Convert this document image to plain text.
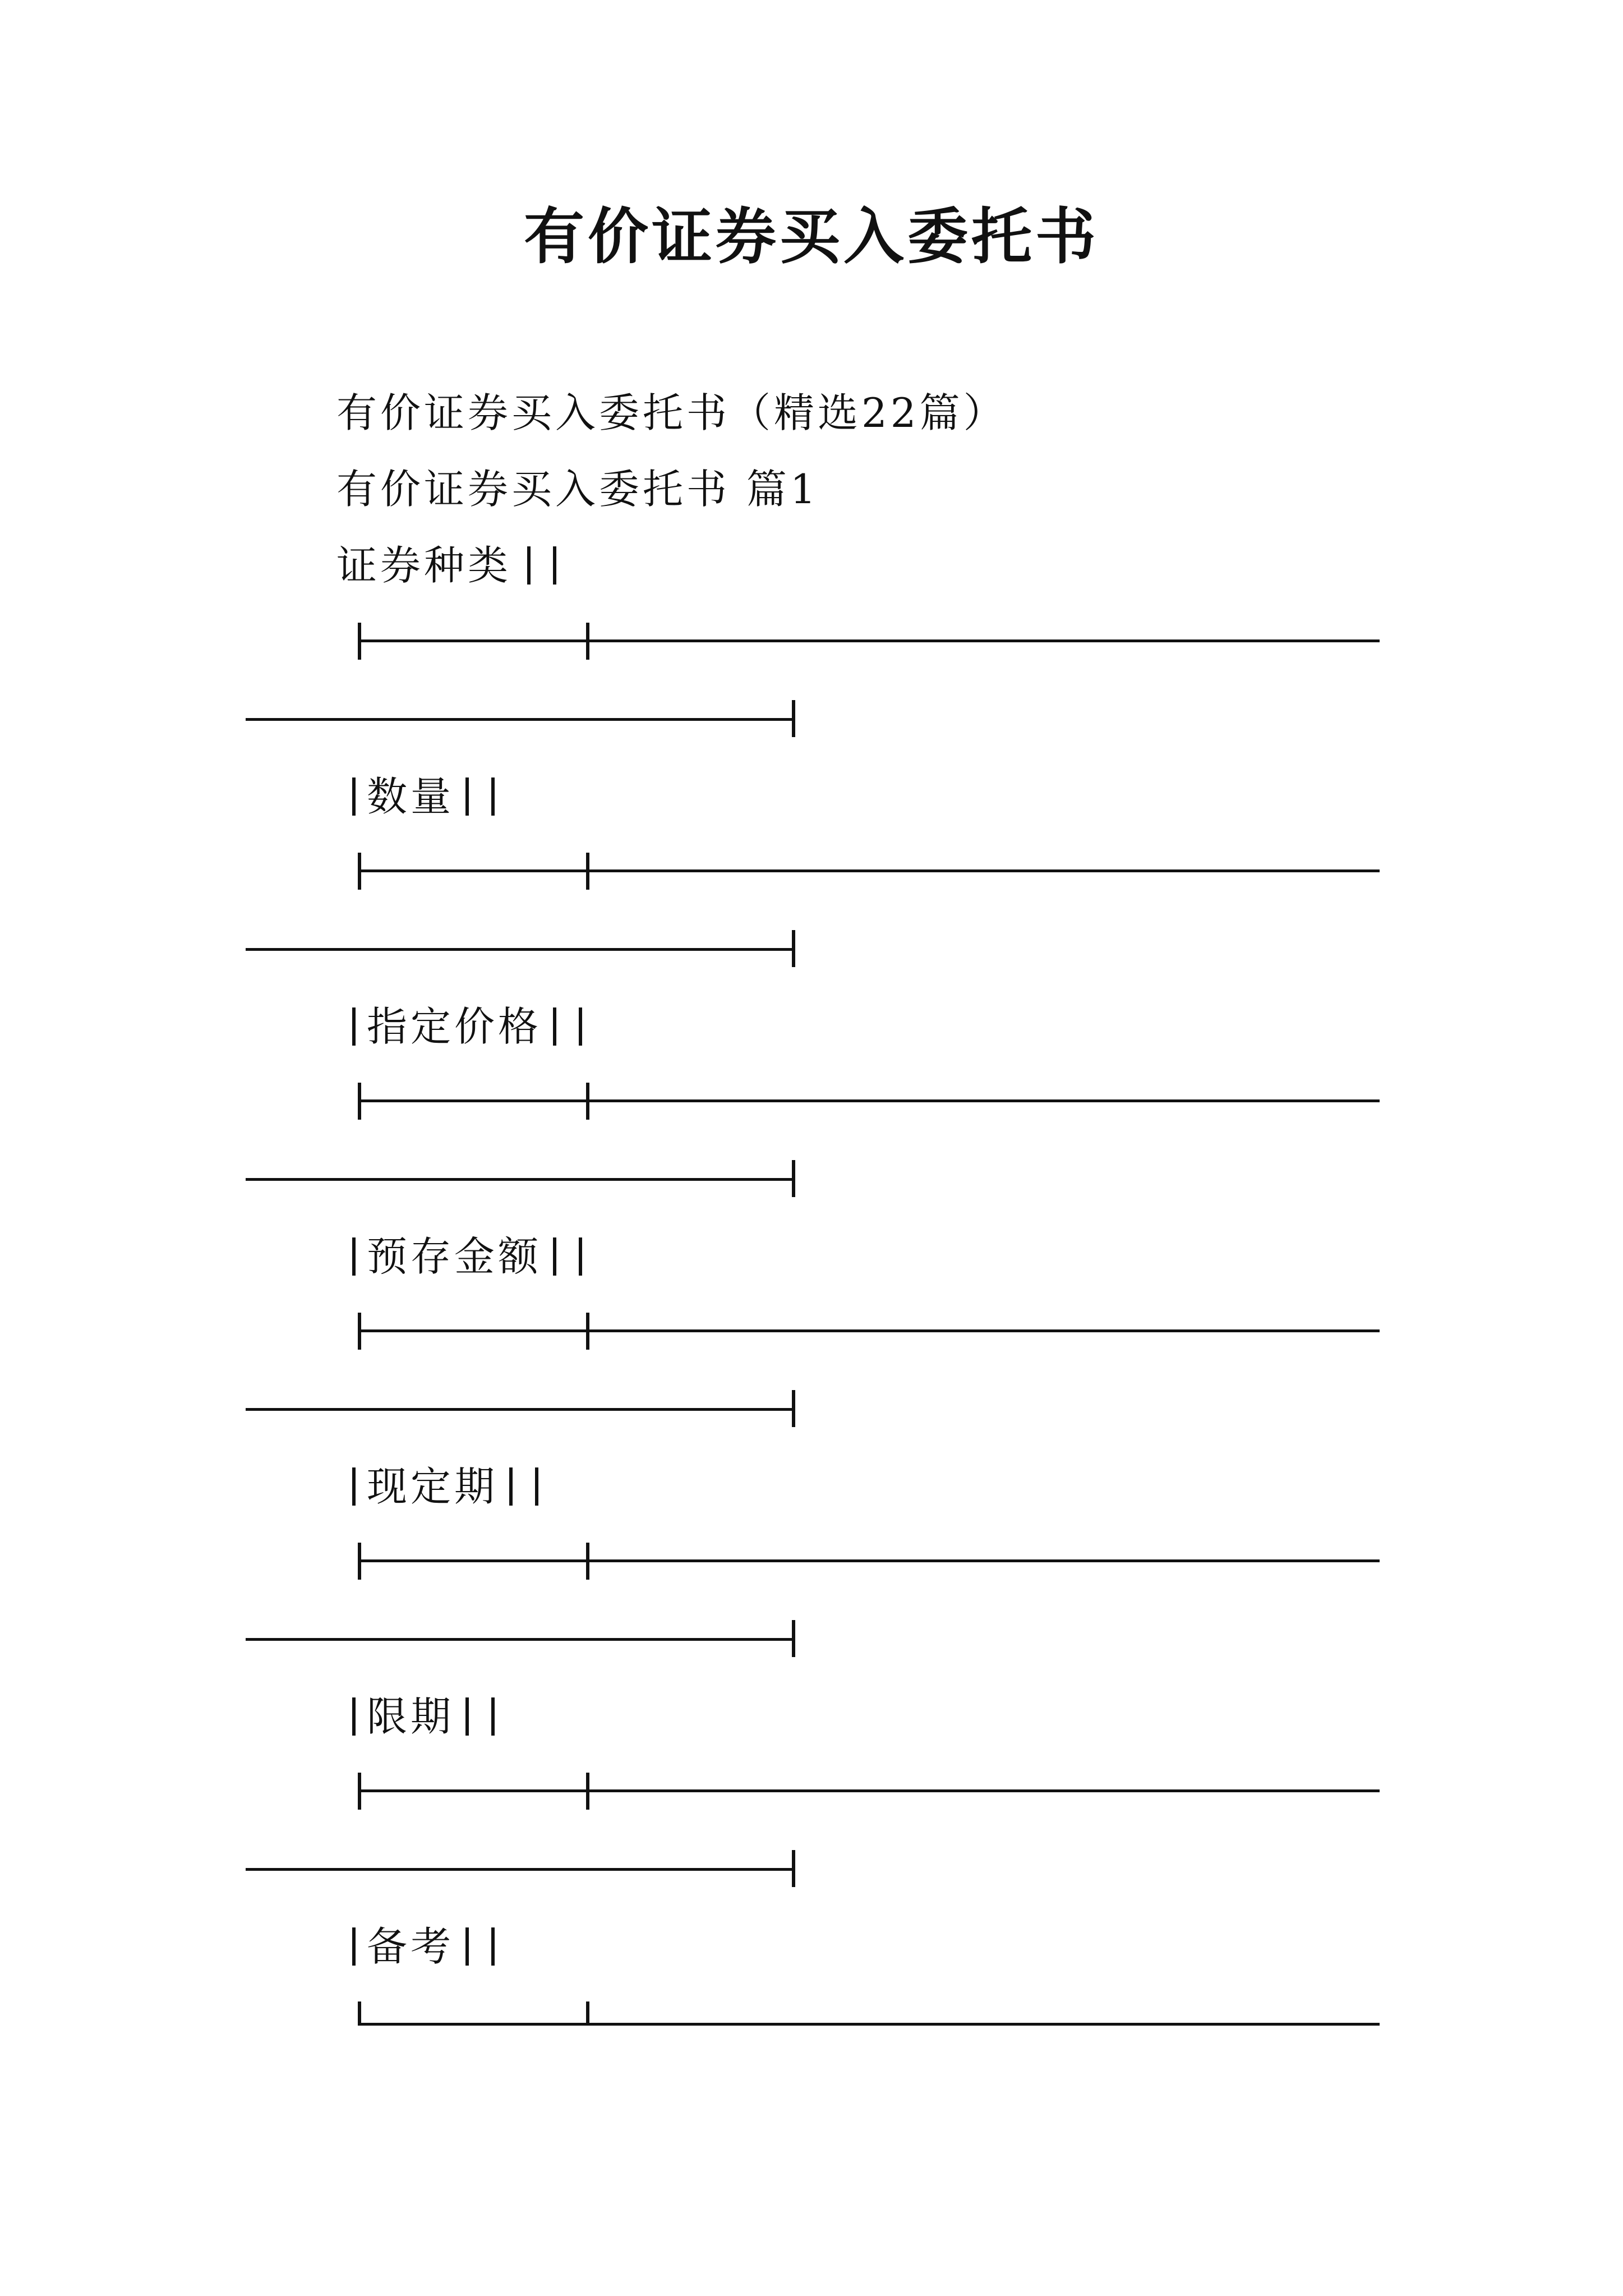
有价证券买入委托书

有价证券买入委托书（精选22篇）

有价证券买入委托书 篇1

证券种类
数量
指定价格
预存金额
现定期
限期
备考
